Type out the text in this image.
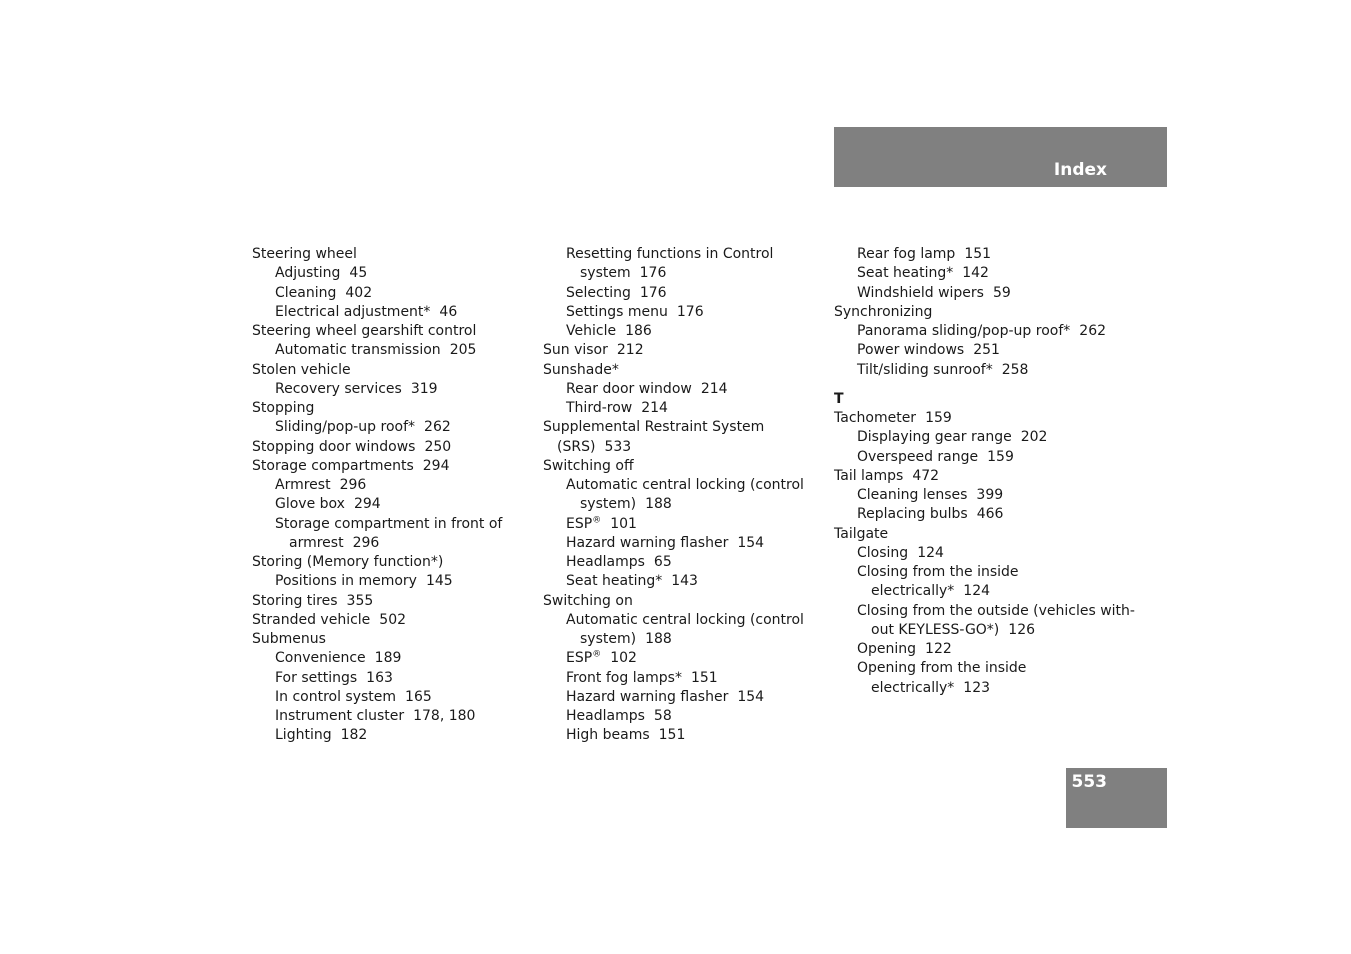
Index
Steering wheel
Adjusting 45
Cleaning 402
Electrical adjustment* 46
Steering wheel gearshift control
Automatic transmission 205
Stolen vehicle
Recovery services 319
Stopping
Sliding/pop-up roof* 262
Stopping door windows 250
Storage compartments 294
Armrest 296
Glove box 294
Storage compartment in front of
armrest 296
Storing (Memory function*)
Positions in memory 145
Storing tires 355
Stranded vehicle 502
Submenus
Convenience 189
For settings 163
In control system 165
Instrument cluster 178, 180
Lighting 182
Resetting functions in Control
system 176
Selecting 176
Settings menu 176
Vehicle 186
Sun visor 212
Sunshade*
Rear door window 214
Third-row 214
Supplemental Restraint System
(SRS) 533
Switching off
Automatic central locking (control
system) 188
ESP® 101
Hazard warning flasher 154
Headlamps 65
Seat heating* 143
Switching on
Automatic central locking (control
system) 188
ESP® 102
Front fog lamps* 151
Hazard warning flasher 154
Headlamps 58
High beams 151
Rear fog lamp 151
Seat heating* 142
Windshield wipers 59
Synchronizing
Panorama sliding/pop-up roof* 262
Power windows 251
Tilt/sliding sunroof* 258
T
Tachometer 159
Displaying gear range 202
Overspeed range 159
Tail lamps 472
Cleaning lenses 399
Replacing bulbs 466
Tailgate
Closing 124
Closing from the inside
electrically* 124
Closing from the outside (vehicles with-
out KEYLESS-GO*) 126
Opening 122
Opening from the inside
electrically* 123
553
